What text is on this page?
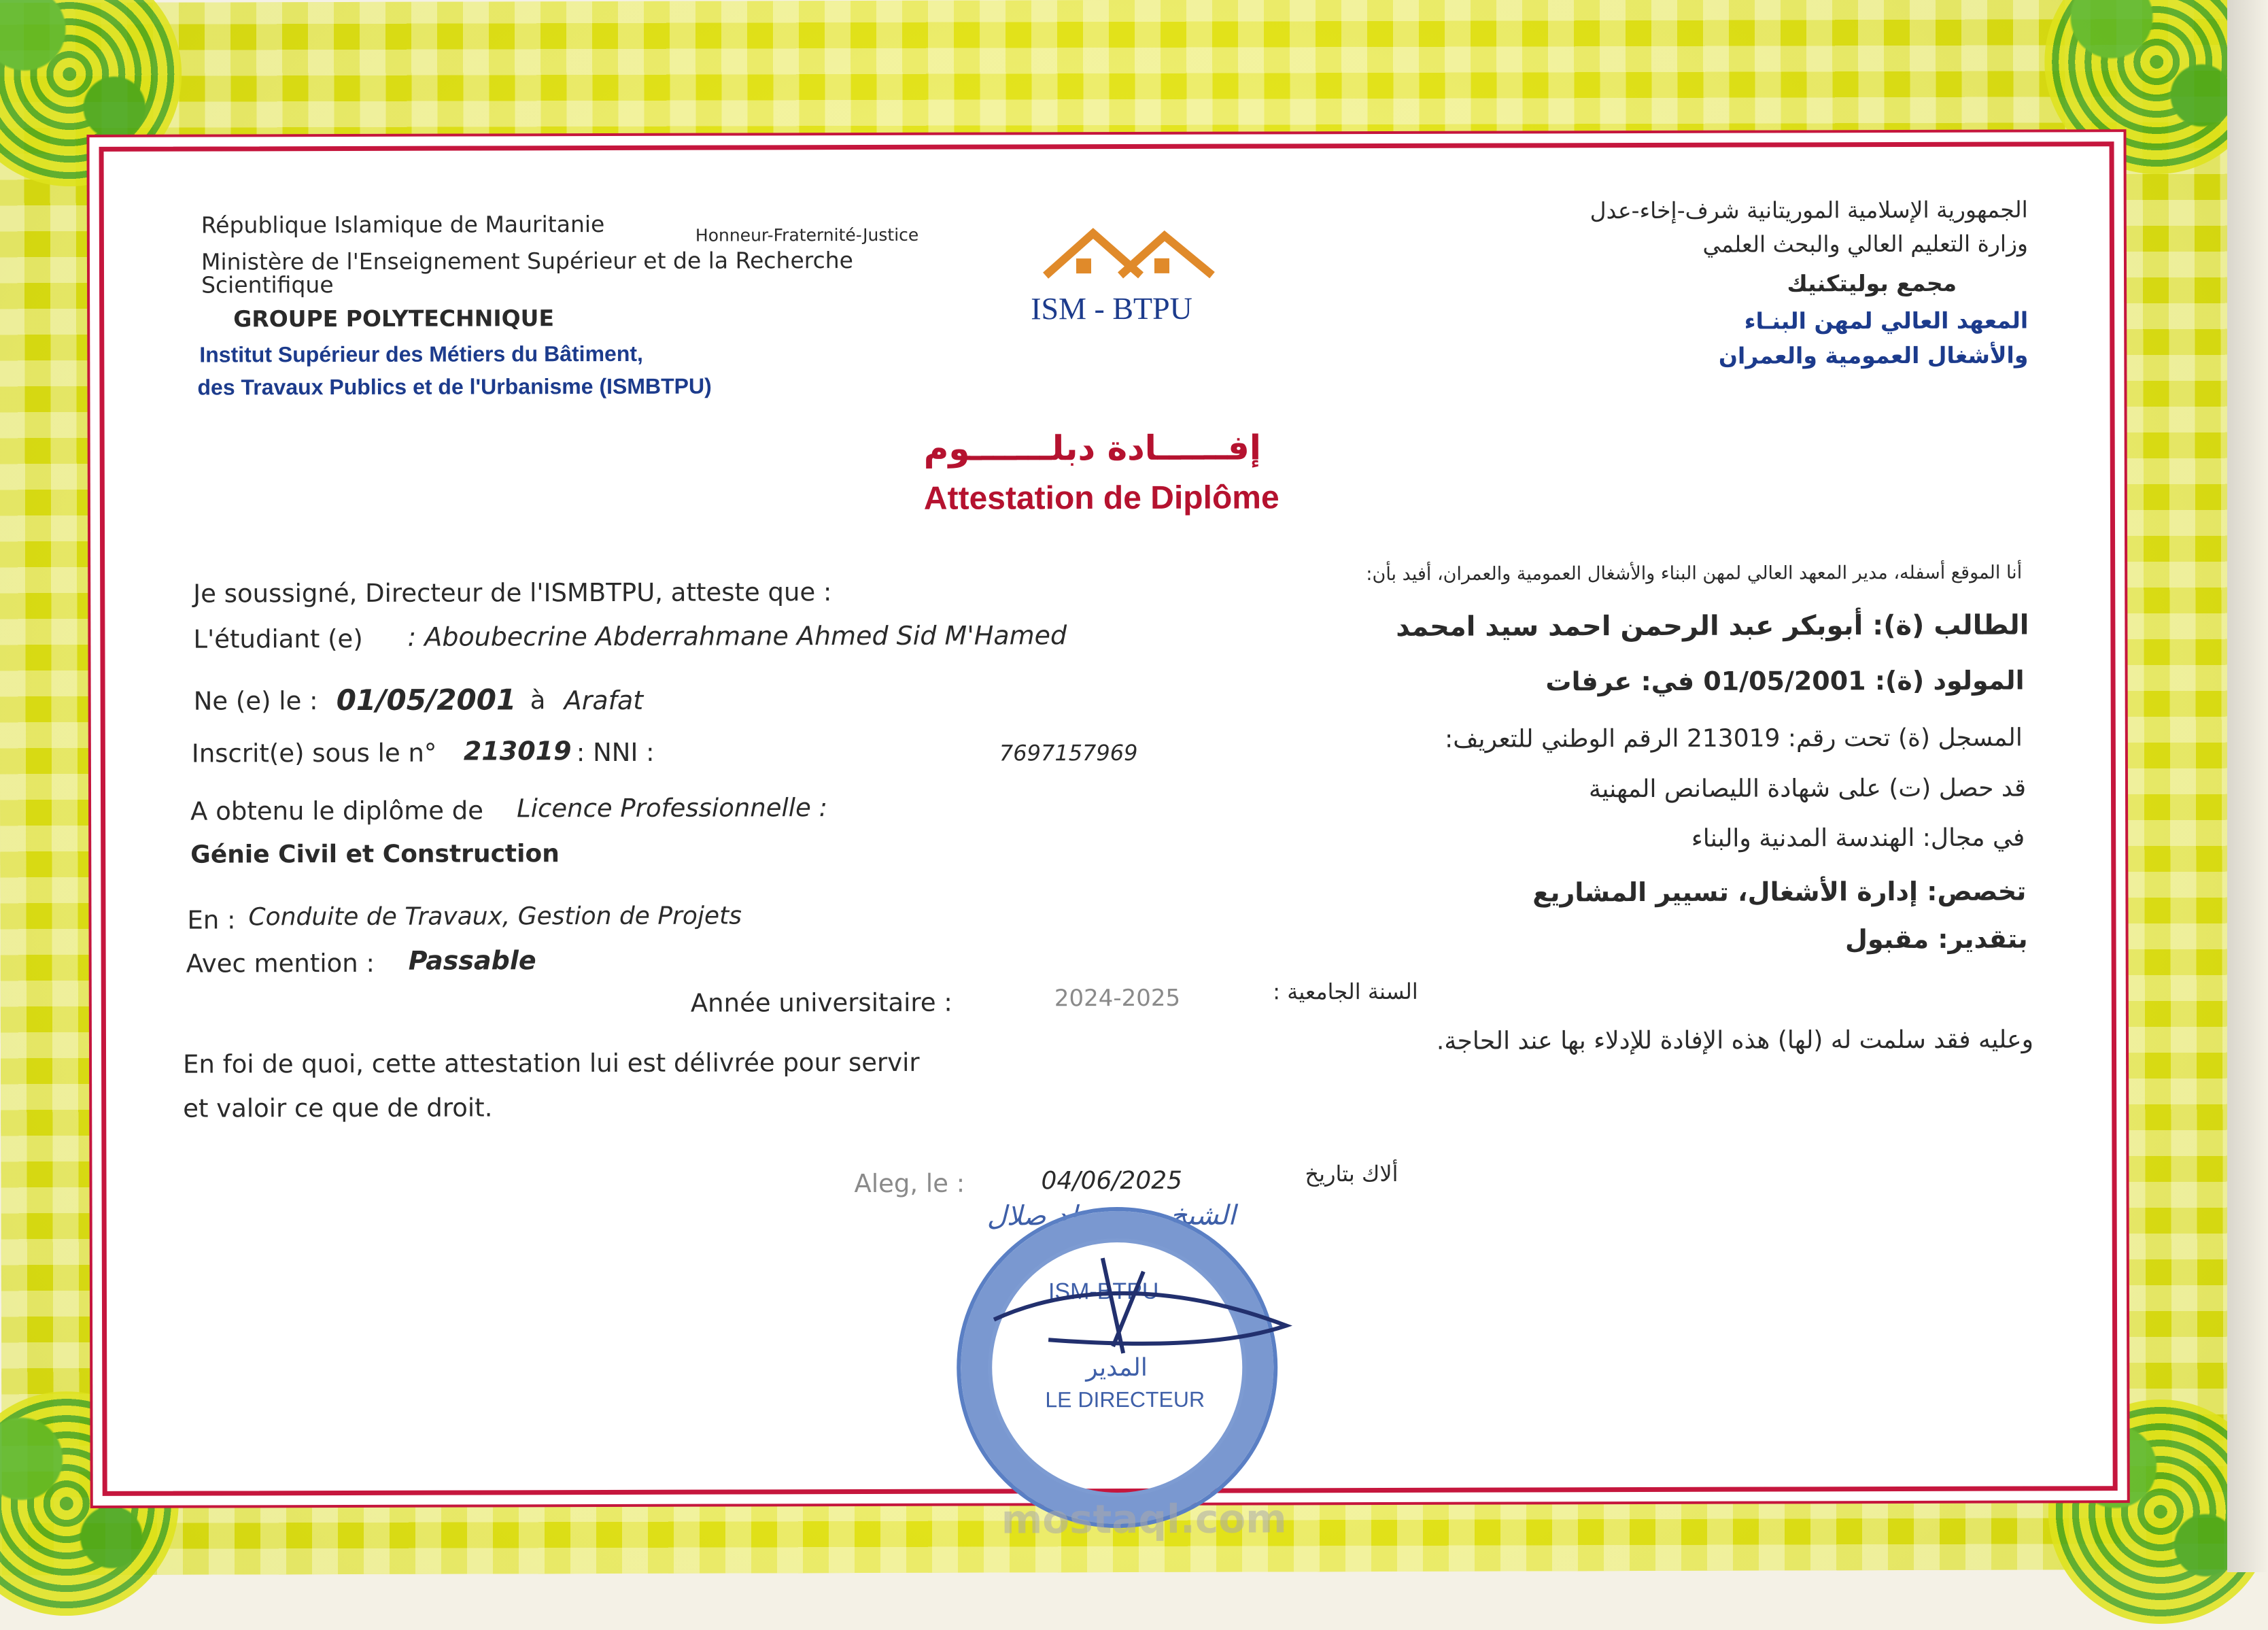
République Islamique de Mauritanie	Honneur-Fraternité-Justice
Ministère de l'Enseignement Supérieur et de la Recherche
Scientifique
GROUPE POLYTECHNIQUE
Institut Supérieur des Métiers du Bâtiment,
des Travaux Publics et de l'Urbanisme (ISMBTPU)
ISM - BTPU
الجمهورية الإسلامية الموريتانية شرف-إخاء-عدل
وزارة التعليم العالي والبحث العلمي
مجمع بوليتكنيك
المعهد العالي لمهن البنـاء
والأشغال العمومية والعمران
إفــــــادة دبلـــــــوم
Attestation de Diplôme
Je soussigné, Directeur de l'ISMBTPU, atteste que :
L'étudiant (e) : Aboubecrine Abderrahmane Ahmed Sid M'Hamed
Ne (e) le : 01/05/2001 à Arafat
Inscrit(e) sous le n° 213019 : NNI :	7697157969
A obtenu le diplôme de Licence Professionnelle :
Génie Civil et Construction
En : Conduite de Travaux, Gestion de Projets
Avec mention : Passable
Année universitaire :	2024-2025
En foi de quoi, cette attestation lui est délivrée pour servir
et valoir ce que de droit.
Aleg, le :	04/06/2025
أنا الموقع أسفله، مدير المعهد العالي لمهن البناء والأشغال العمومية والعمران، أفيد بأن:
الطالب (ة): أبوبكر عبد الرحمن احمد سيد امحمد
المولود (ة): 01/05/2001 في: عرفات
المسجل (ة) تحت رقم: 213019 الرقم الوطني للتعريف:
قد حصل (ت) على شهادة الليصانص المهنية
في مجال: الهندسة المدنية والبناء
تخصص: إدارة الأشغال، تسيير المشاريع
بتقدير: مقبول
السنة الجامعية :
وعليه فقد سلمت له (لها) هذه الإفادة للإدلاء بها عند الحاجة.
ألاك بتاريخ
الشيخ محمد ولد صلال
ISM-BTPU
المدير
LE DIRECTEUR
mostaql.com
